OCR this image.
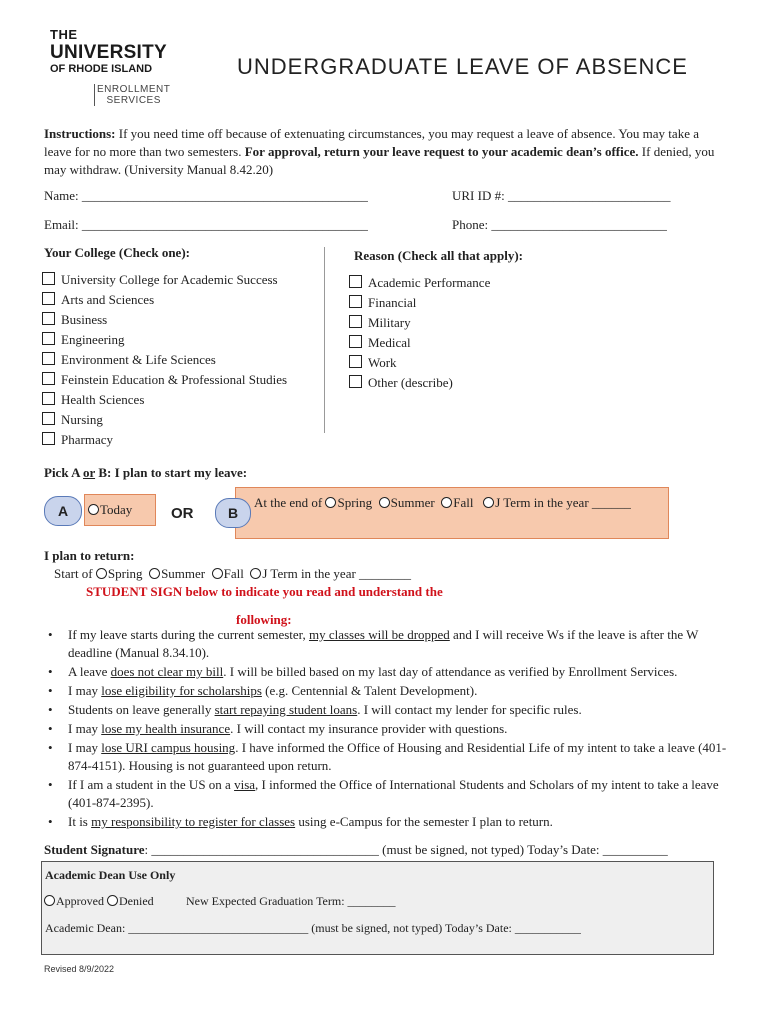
THE
UNIVERSITY
OF RHODE ISLAND
ENROLLMENT
SERVICES
UNDERGRADUATE LEAVE OF ABSENCE
Instructions: If you need time off because of extenuating circumstances, you may request a leave of absence. You may take a leave for no more than two semesters. For approval, return your leave request to your academic dean’s office. If denied, you may withdraw. (University Manual 8.42.20)
Name: ____________________________________________	URI ID #: _________________________
Email: ____________________________________________	Phone: ___________________________
Your College (Check one):
University College for Academic Success
Arts and Sciences
Business
Engineering
Environment & Life Sciences
Feinstein Education & Professional Studies
Health Sciences
Nursing
Pharmacy
Reason (Check all that apply):
Academic Performance
Financial
Military
Medical
Work
Other (describe)
Pick A or B: I plan to start my leave:
A	Today	OR	B
At the end of Spring Summer Fall J Term in the year ______
I plan to return:
Start of Spring Summer Fall J Term in the year ________
STUDENT SIGN below to indicate you read and understand the
following:
• If my leave starts during the current semester, my classes will be dropped and I will receive Ws if the leave is after the W deadline (Manual 8.34.10).
• A leave does not clear my bill. I will be billed based on my last day of attendance as verified by Enrollment Services.
• I may lose eligibility for scholarships (e.g. Centennial & Talent Development).
• Students on leave generally start repaying student loans. I will contact my lender for specific rules.
• I may lose my health insurance. I will contact my insurance provider with questions.
• I may lose URI campus housing. I have informed the Office of Housing and Residential Life of my intent to take a leave (401-874-4151). Housing is not guaranteed upon return.
• If I am a student in the US on a visa, I informed the Office of International Students and Scholars of my intent to take a leave (401-874-2395).
• It is my responsibility to register for classes using e-Campus for the semester I plan to return.
Student Signature: ___________________________________ (must be signed, not typed) Today’s Date: __________
Academic Dean Use Only
Approved Denied	New Expected Graduation Term: ________
Academic Dean: ______________________________ (must be signed, not typed) Today’s Date: ___________
Revised 8/9/2022
